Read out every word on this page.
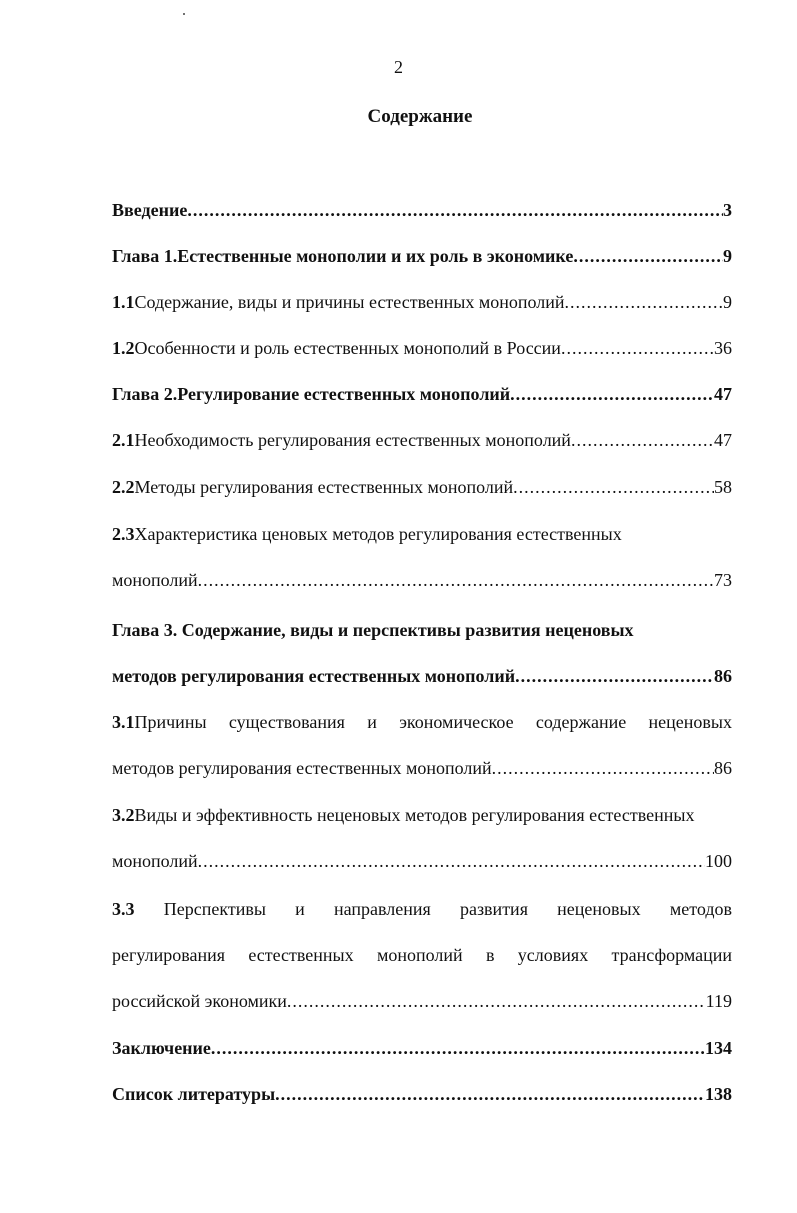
2
Содержание
Введение .....	3
Глава 1.Естественные монополии и их роль в экономике .....	9
1.1Содержание, виды и причины естественных монополий .....	9
1.2Особенности и роль естественных монополий в России .....	36
Глава 2.Регулирование естественных монополий .....	47
2.1Необходимость регулирования естественных монополий .....	47
2.2Методы регулирования естественных монополий .....	58
2.3Характеристика ценовых методов регулирования естественных
монополий .....	73
Глава 3. Содержание, виды и перспективы развития неценовых
методов регулирования естественных монополий .....	86
3.1Причины существования и экономическое содержание неценовых
методов регулирования естественных монополий .....	86
3.2Виды и эффективность неценовых методов регулирования естественных
монополий .....	100
3.3 Перспективы и направления развития неценовых методов
регулирования естественных монополий в условиях трансформации
российской экономики .....	119
Заключение .....	134
Список литературы .....	138
